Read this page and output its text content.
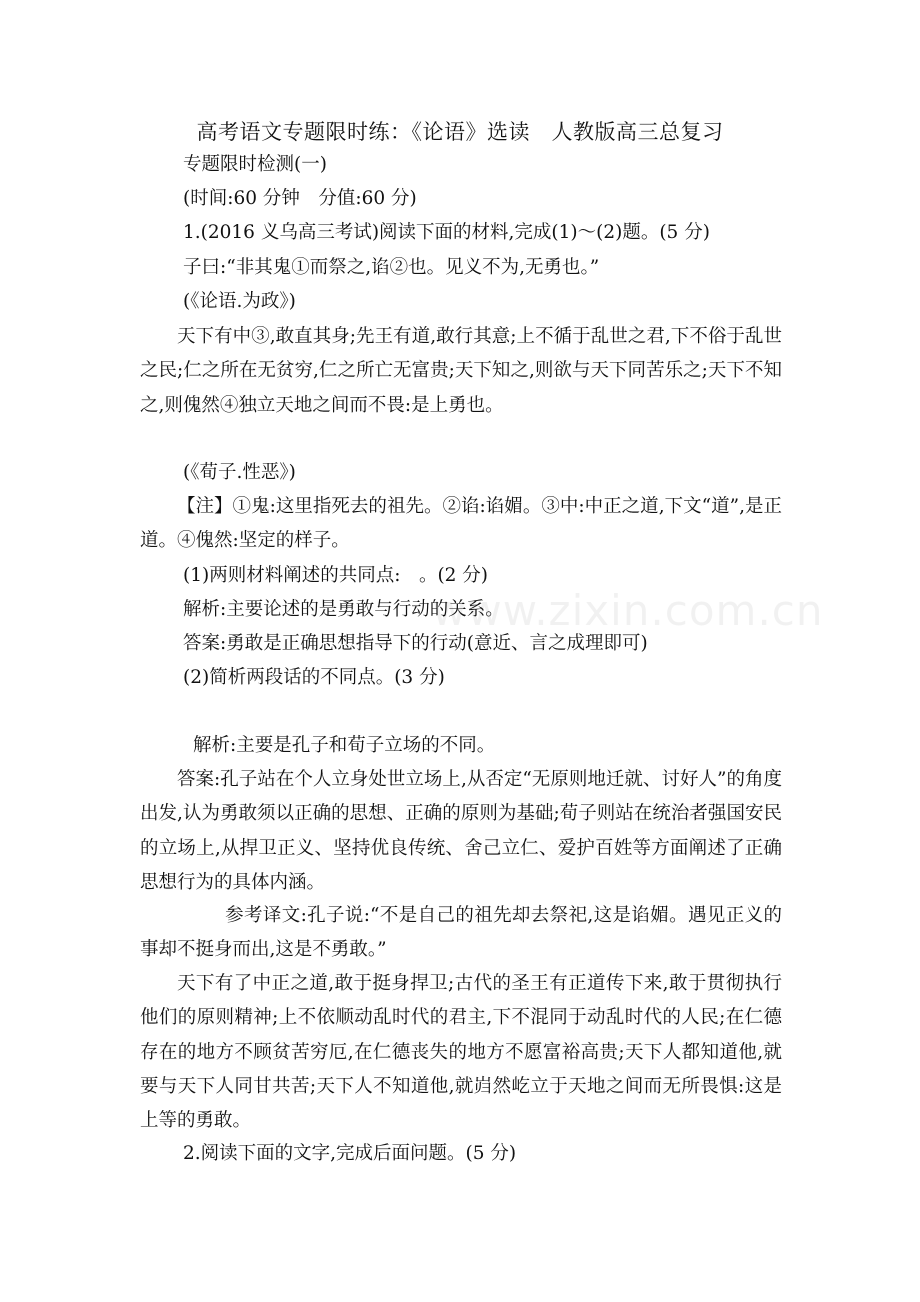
www.zixin.com.cn
高考语文专题限时练：《论语》选读　人教版高三总复习
专题限时检测(一)
(时间:60 分钟　分值:60 分)
1.(2016 义乌高三考试)阅读下面的材料,完成(1)～(2)题。(5 分)
子曰:“非其鬼①而祭之,谄②也。见义不为,无勇也。”
(《论语.为政》)
天下有中③,敢直其身;先王有道,敢行其意;上不循于乱世之君,下不俗于乱世之民;仁之所在无贫穷,仁之所亡无富贵;天下知之,则欲与天下同苦乐之;天下不知之,则傀然④独立天地之间而不畏:是上勇也。
(《荀子.性恶》)
【注】①鬼:这里指死去的祖先。②谄:谄媚。③中:中正之道,下文“道”,是正道。④傀然:坚定的样子。
(1)两则材料阐述的共同点:　。(2 分)
解析:主要论述的是勇敢与行动的关系。
答案:勇敢是正确思想指导下的行动(意近、言之成理即可)
(2)简析两段话的不同点。(3 分)
解析:主要是孔子和荀子立场的不同。
答案:孔子站在个人立身处世立场上,从否定“无原则地迁就、讨好人”的角度出发,认为勇敢须以正确的思想、正确的原则为基础;荀子则站在统治者强国安民的立场上,从捍卫正义、坚持优良传统、舍己立仁、爱护百姓等方面阐述了正确思想行为的具体内涵。
参考译文:孔子说:“不是自己的祖先却去祭祀,这是谄媚。遇见正义的事却不挺身而出,这是不勇敢。”
天下有了中正之道,敢于挺身捍卫;古代的圣王有正道传下来,敢于贯彻执行他们的原则精神;上不依顺动乱时代的君主,下不混同于动乱时代的人民;在仁德存在的地方不顾贫苦穷厄,在仁德丧失的地方不愿富裕高贵;天下人都知道他,就要与天下人同甘共苦;天下人不知道他,就岿然屹立于天地之间而无所畏惧:这是上等的勇敢。
2.阅读下面的文字,完成后面问题。(5 分)
